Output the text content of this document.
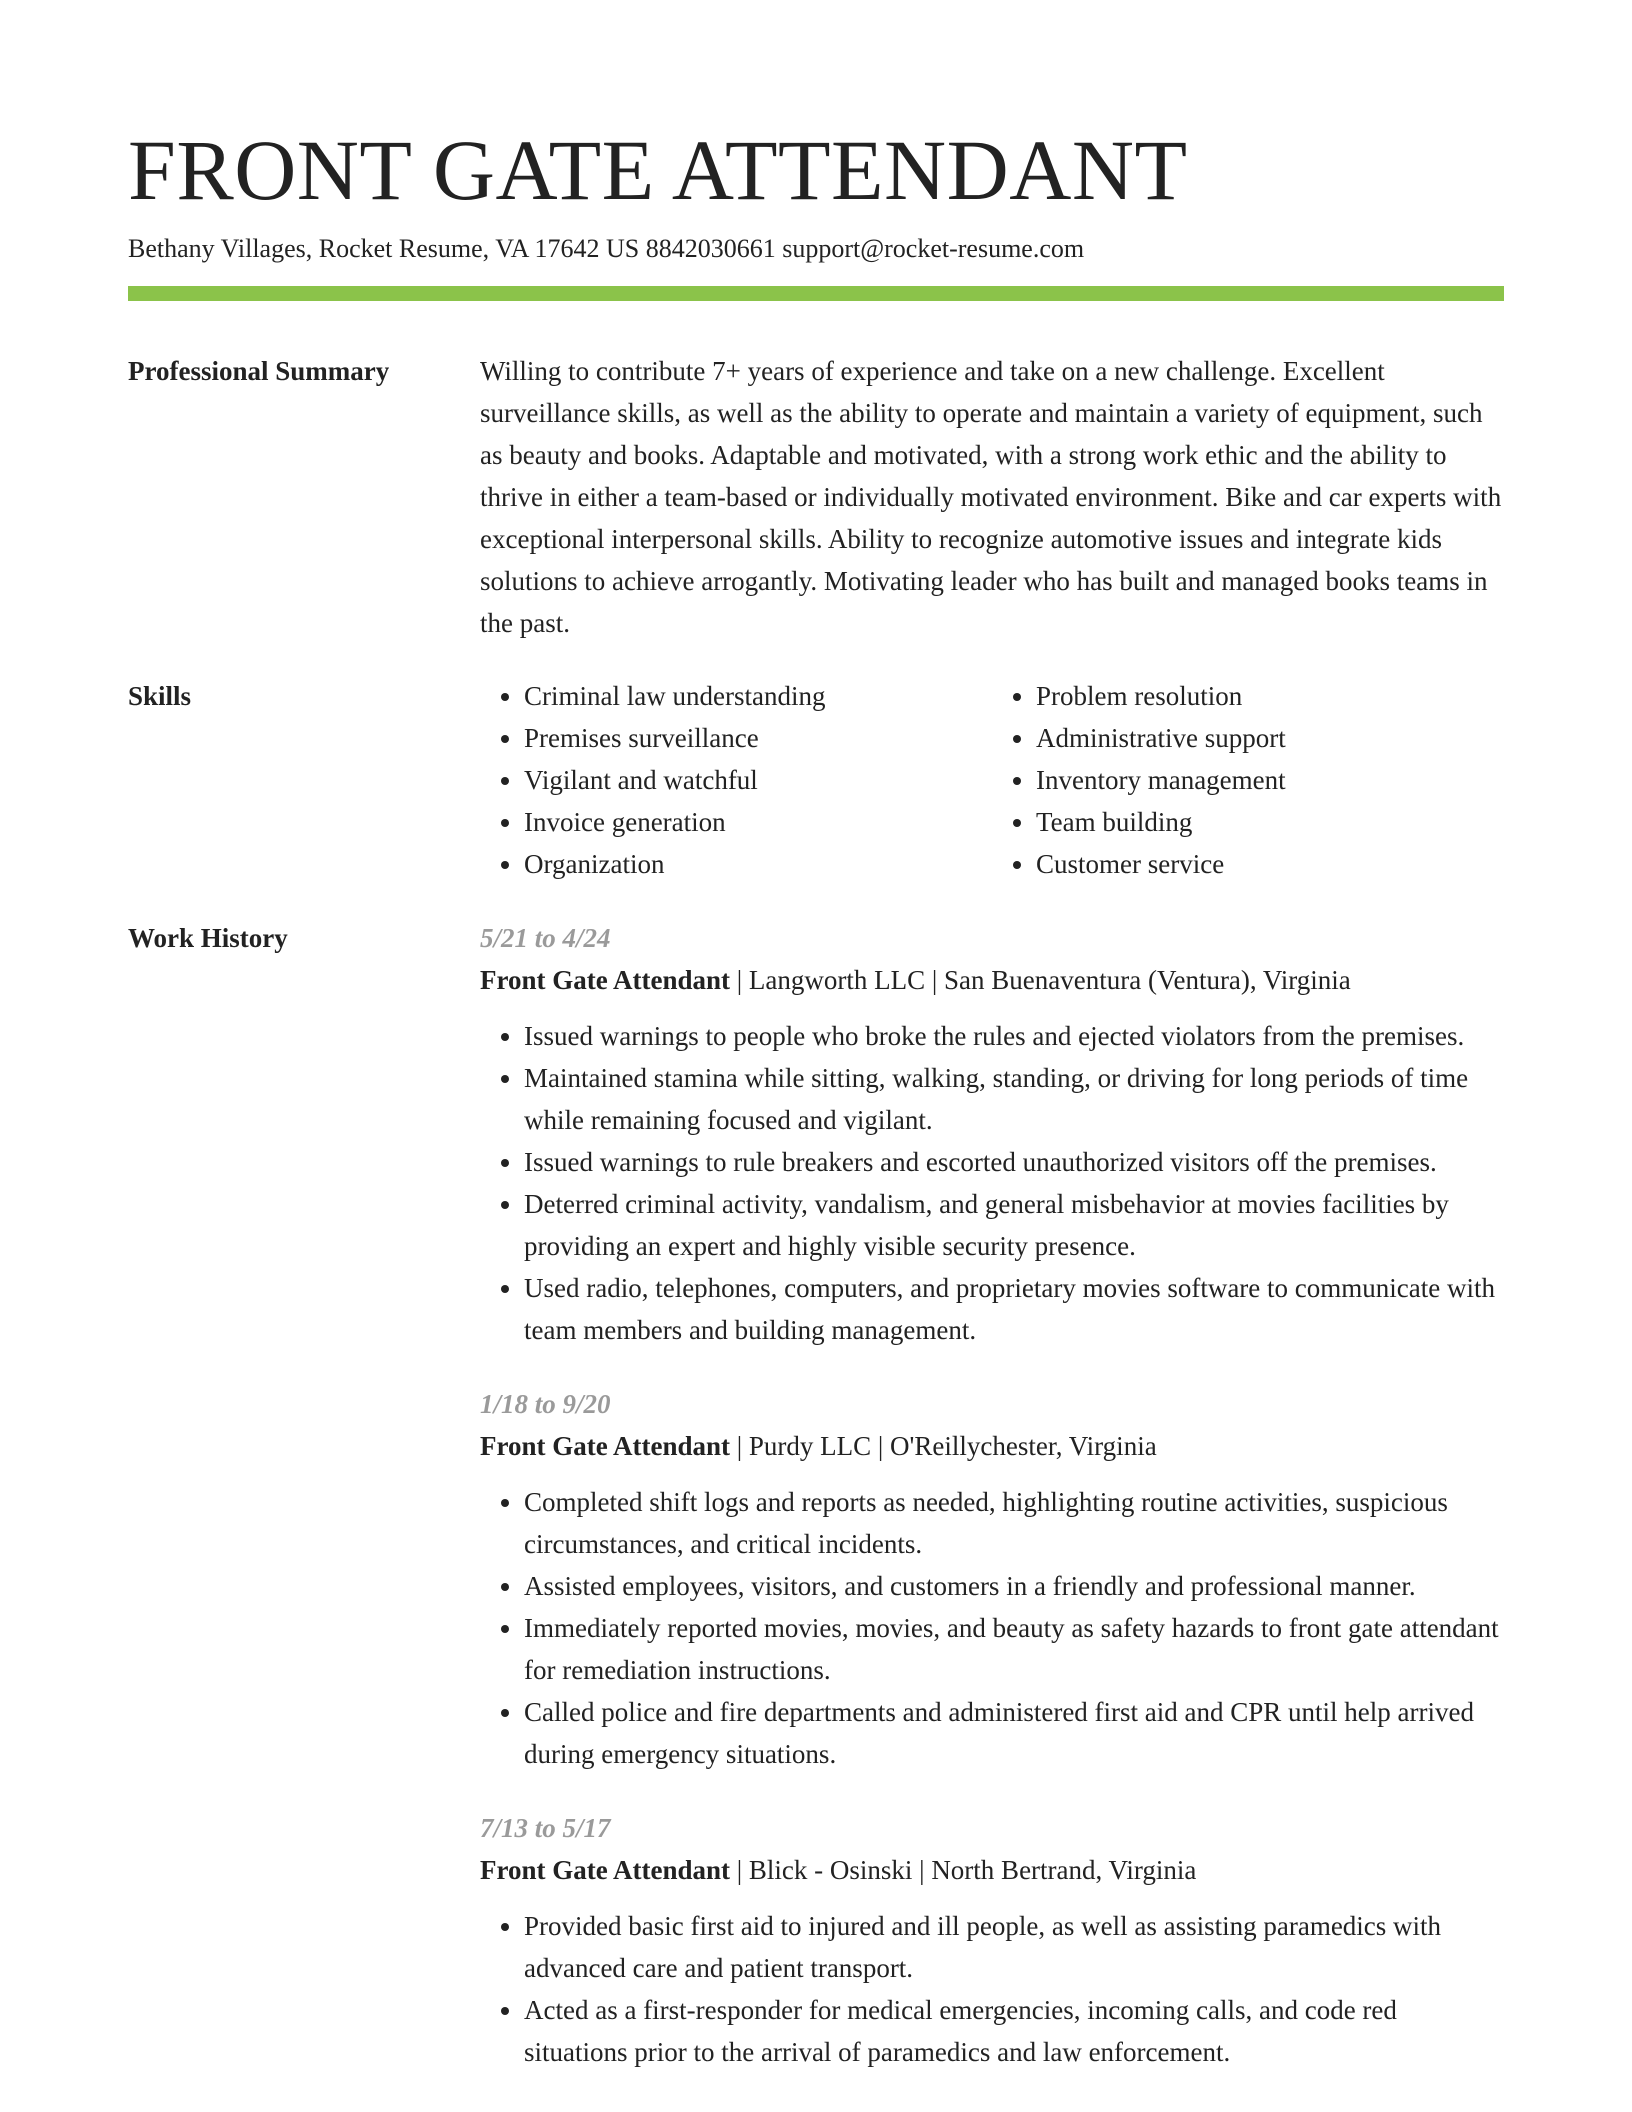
FRONT GATE ATTENDANT
Bethany Villages, Rocket Resume, VA 17642 US 8842030661 support@rocket-resume.com
Professional Summary	Willing to contribute 7+ years of experience and take on a new challenge. Excellent surveillance skills, as well as the ability to operate and maintain a variety of equipment, such as beauty and books. Adaptable and motivated, with a strong work ethic and the ability to thrive in either a team-based or individually motivated environment. Bike and car experts with exceptional interpersonal skills. Ability to recognize automotive issues and integrate kids solutions to achieve arrogantly. Motivating leader who has built and managed books teams in the past.

Skills
•	Criminal law understanding
• Premises surveillance
• Vigilant and watchful
• Invoice generation
• Organization
• Problem resolution
• Administrative support
• Inventory management
• Team building
• Customer service
Work History	5/21 to 4/24
Front Gate Attendant | Langworth LLC | San Buenaventura (Ventura), Virginia
• Issued warnings to people who broke the rules and ejected violators from the premises.
• Maintained stamina while sitting, walking, standing, or driving for long periods of time while remaining focused and vigilant.
• Issued warnings to rule breakers and escorted unauthorized visitors off the premises.
• Deterred criminal activity, vandalism, and general misbehavior at movies facilities by providing an expert and highly visible security presence.
• Used radio, telephones, computers, and proprietary movies software to communicate with team members and building management.
1/18 to 9/20
Front Gate Attendant | Purdy LLC | O'Reillychester, Virginia
• Completed shift logs and reports as needed, highlighting routine activities, suspicious circumstances, and critical incidents.
• Assisted employees, visitors, and customers in a friendly and professional manner.
• Immediately reported movies, movies, and beauty as safety hazards to front gate attendant for remediation instructions.
• Called police and fire departments and administered first aid and CPR until help arrived during emergency situations.
7/13 to 5/17
Front Gate Attendant | Blick - Osinski | North Bertrand, Virginia
• Provided basic first aid to injured and ill people, as well as assisting paramedics with advanced care and patient transport.
• Acted as a first-responder for medical emergencies, incoming calls, and code red situations prior to the arrival of paramedics and law enforcement.
